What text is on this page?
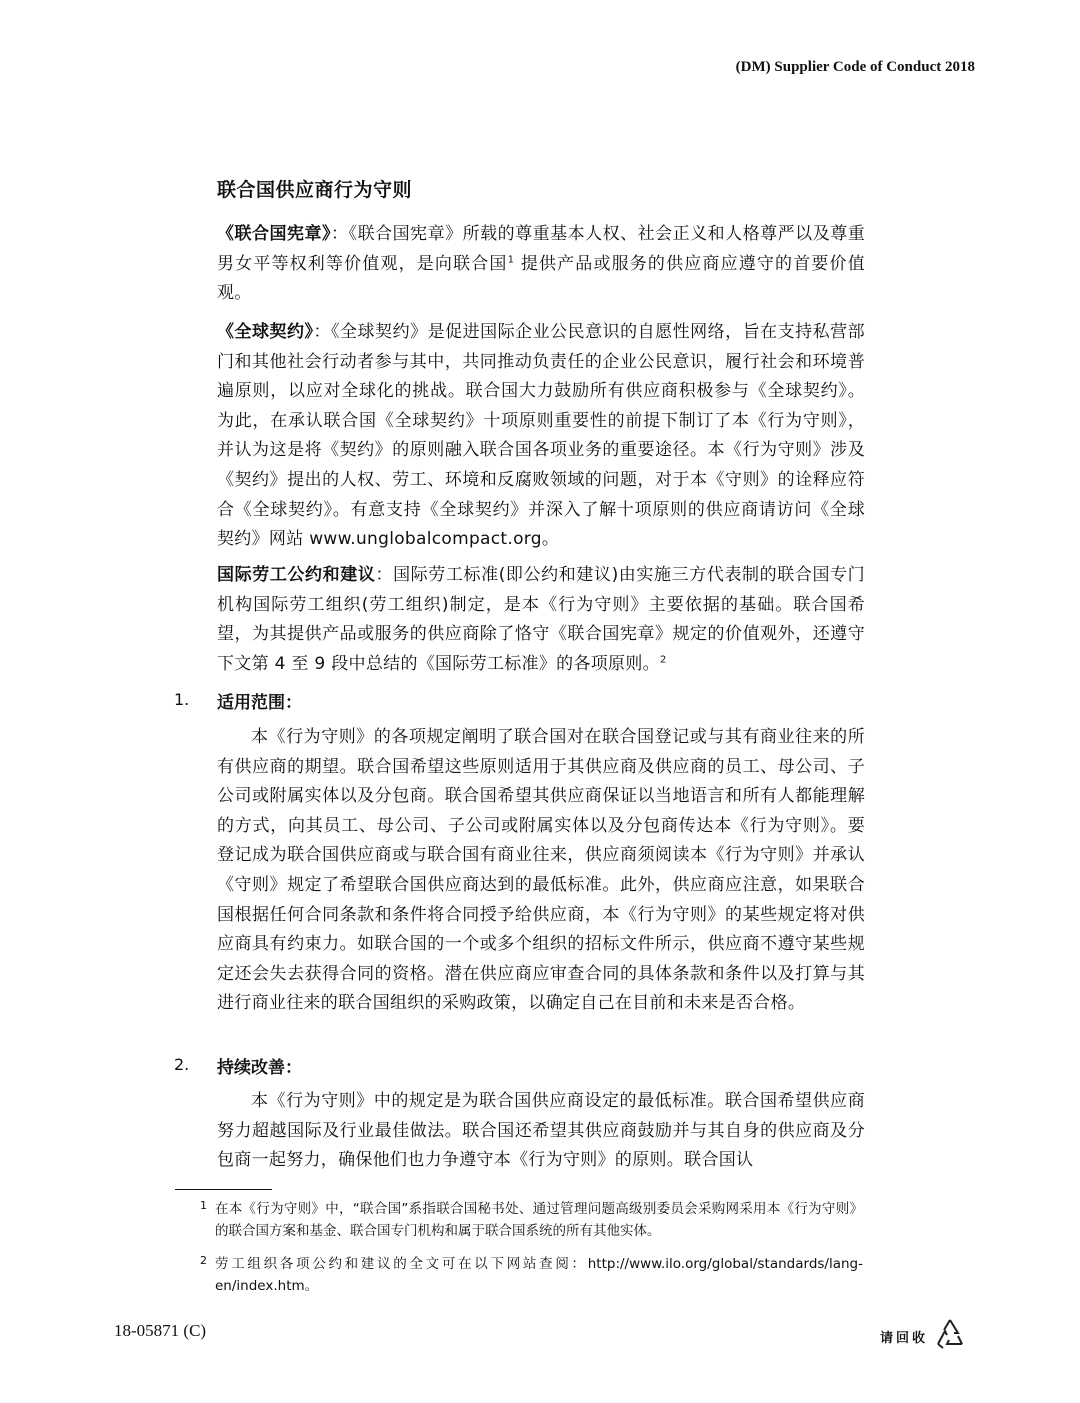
(DM) Supplier Code of Conduct 2018
联合国供应商行为守则

《联合国宪章》：《联合国宪章》所载的尊重基本人权、社会正义和人格尊严以及尊重男女平等权利等价值观，是向联合国$^1$ 提供产品或服务的供应商应遵守的首要价值观。

《全球契约》：《全球契约》是促进国际企业公民意识的自愿性网络，旨在支持私营部门和其他社会行动者参与其中，共同推动负责任的企业公民意识，履行社会和环境普遍原则，以应对全球化的挑战。联合国大力鼓励所有供应商积极参与《全球契约》。为此，在承认联合国《全球契约》十项原则重要性的前提下制订了本《行为守则》，并认为这是将《契约》的原则融入联合国各项业务的重要途径。本《行为守则》涉及《契约》提出的人权、劳工、环境和反腐败领域的问题，对于本《守则》的诠释应符合《全球契约》。有意支持《全球契约》并深入了解十项原则的供应商请访问《全球契约》网站 www.unglobalcompact.org。

国际劳工公约和建议：国际劳工标准(即公约和建议)由实施三方代表制的联合国专门机构国际劳工组织(劳工组织)制定，是本《行为守则》主要依据的基础。联合国希望，为其提供产品或服务的供应商除了恪守《联合国宪章》规定的价值观外，还遵守下文第 4 至 9 段中总结的《国际劳工标准》的各项原则。$^2$

1. 适用范围：

本《行为守则》的各项规定阐明了联合国对在联合国登记或与其有商业往来的所有供应商的期望。联合国希望这些原则适用于其供应商及供应商的员工、母公司、子公司或附属实体以及分包商。联合国希望其供应商保证以当地语言和所有人都能理解的方式，向其员工、母公司、子公司或附属实体以及分包商传达本《行为守则》。要登记成为联合国供应商或与联合国有商业往来，供应商须阅读本《行为守则》并承认《守则》规定了希望联合国供应商达到的最低标准。此外，供应商应注意，如果联合国根据任何合同条款和条件将合同授予给供应商，本《行为守则》的某些规定将对供应商具有约束力。如联合国的一个或多个组织的招标文件所示，供应商不遵守某些规定还会失去获得合同的资格。潜在供应商应审查合同的具体条款和条件以及打算与其进行商业往来的联合国组织的采购政策，以确定自己在目前和未来是否合格。

2. 持续改善：

本《行为守则》中的规定是为联合国供应商设定的最低标准。联合国希望供应商努力超越国际及行业最佳做法。联合国还希望其供应商鼓励并与其自身的供应商及分包商一起努力，确保他们也力争遵守本《行为守则》的原则。联合国认

1 在本《行为守则》中，“联合国”系指联合国秘书处、通过管理问题高级别委员会采购网采用本《行为守则》的联合国方案和基金、联合国专门机构和属于联合国系统的所有其他实体。

2 劳工组织各项公约和建议的全文可在以下网站查阅：http://www.ilo.org/global/standards/lang-en/index.htm。

18-05871 (C)	请回收
